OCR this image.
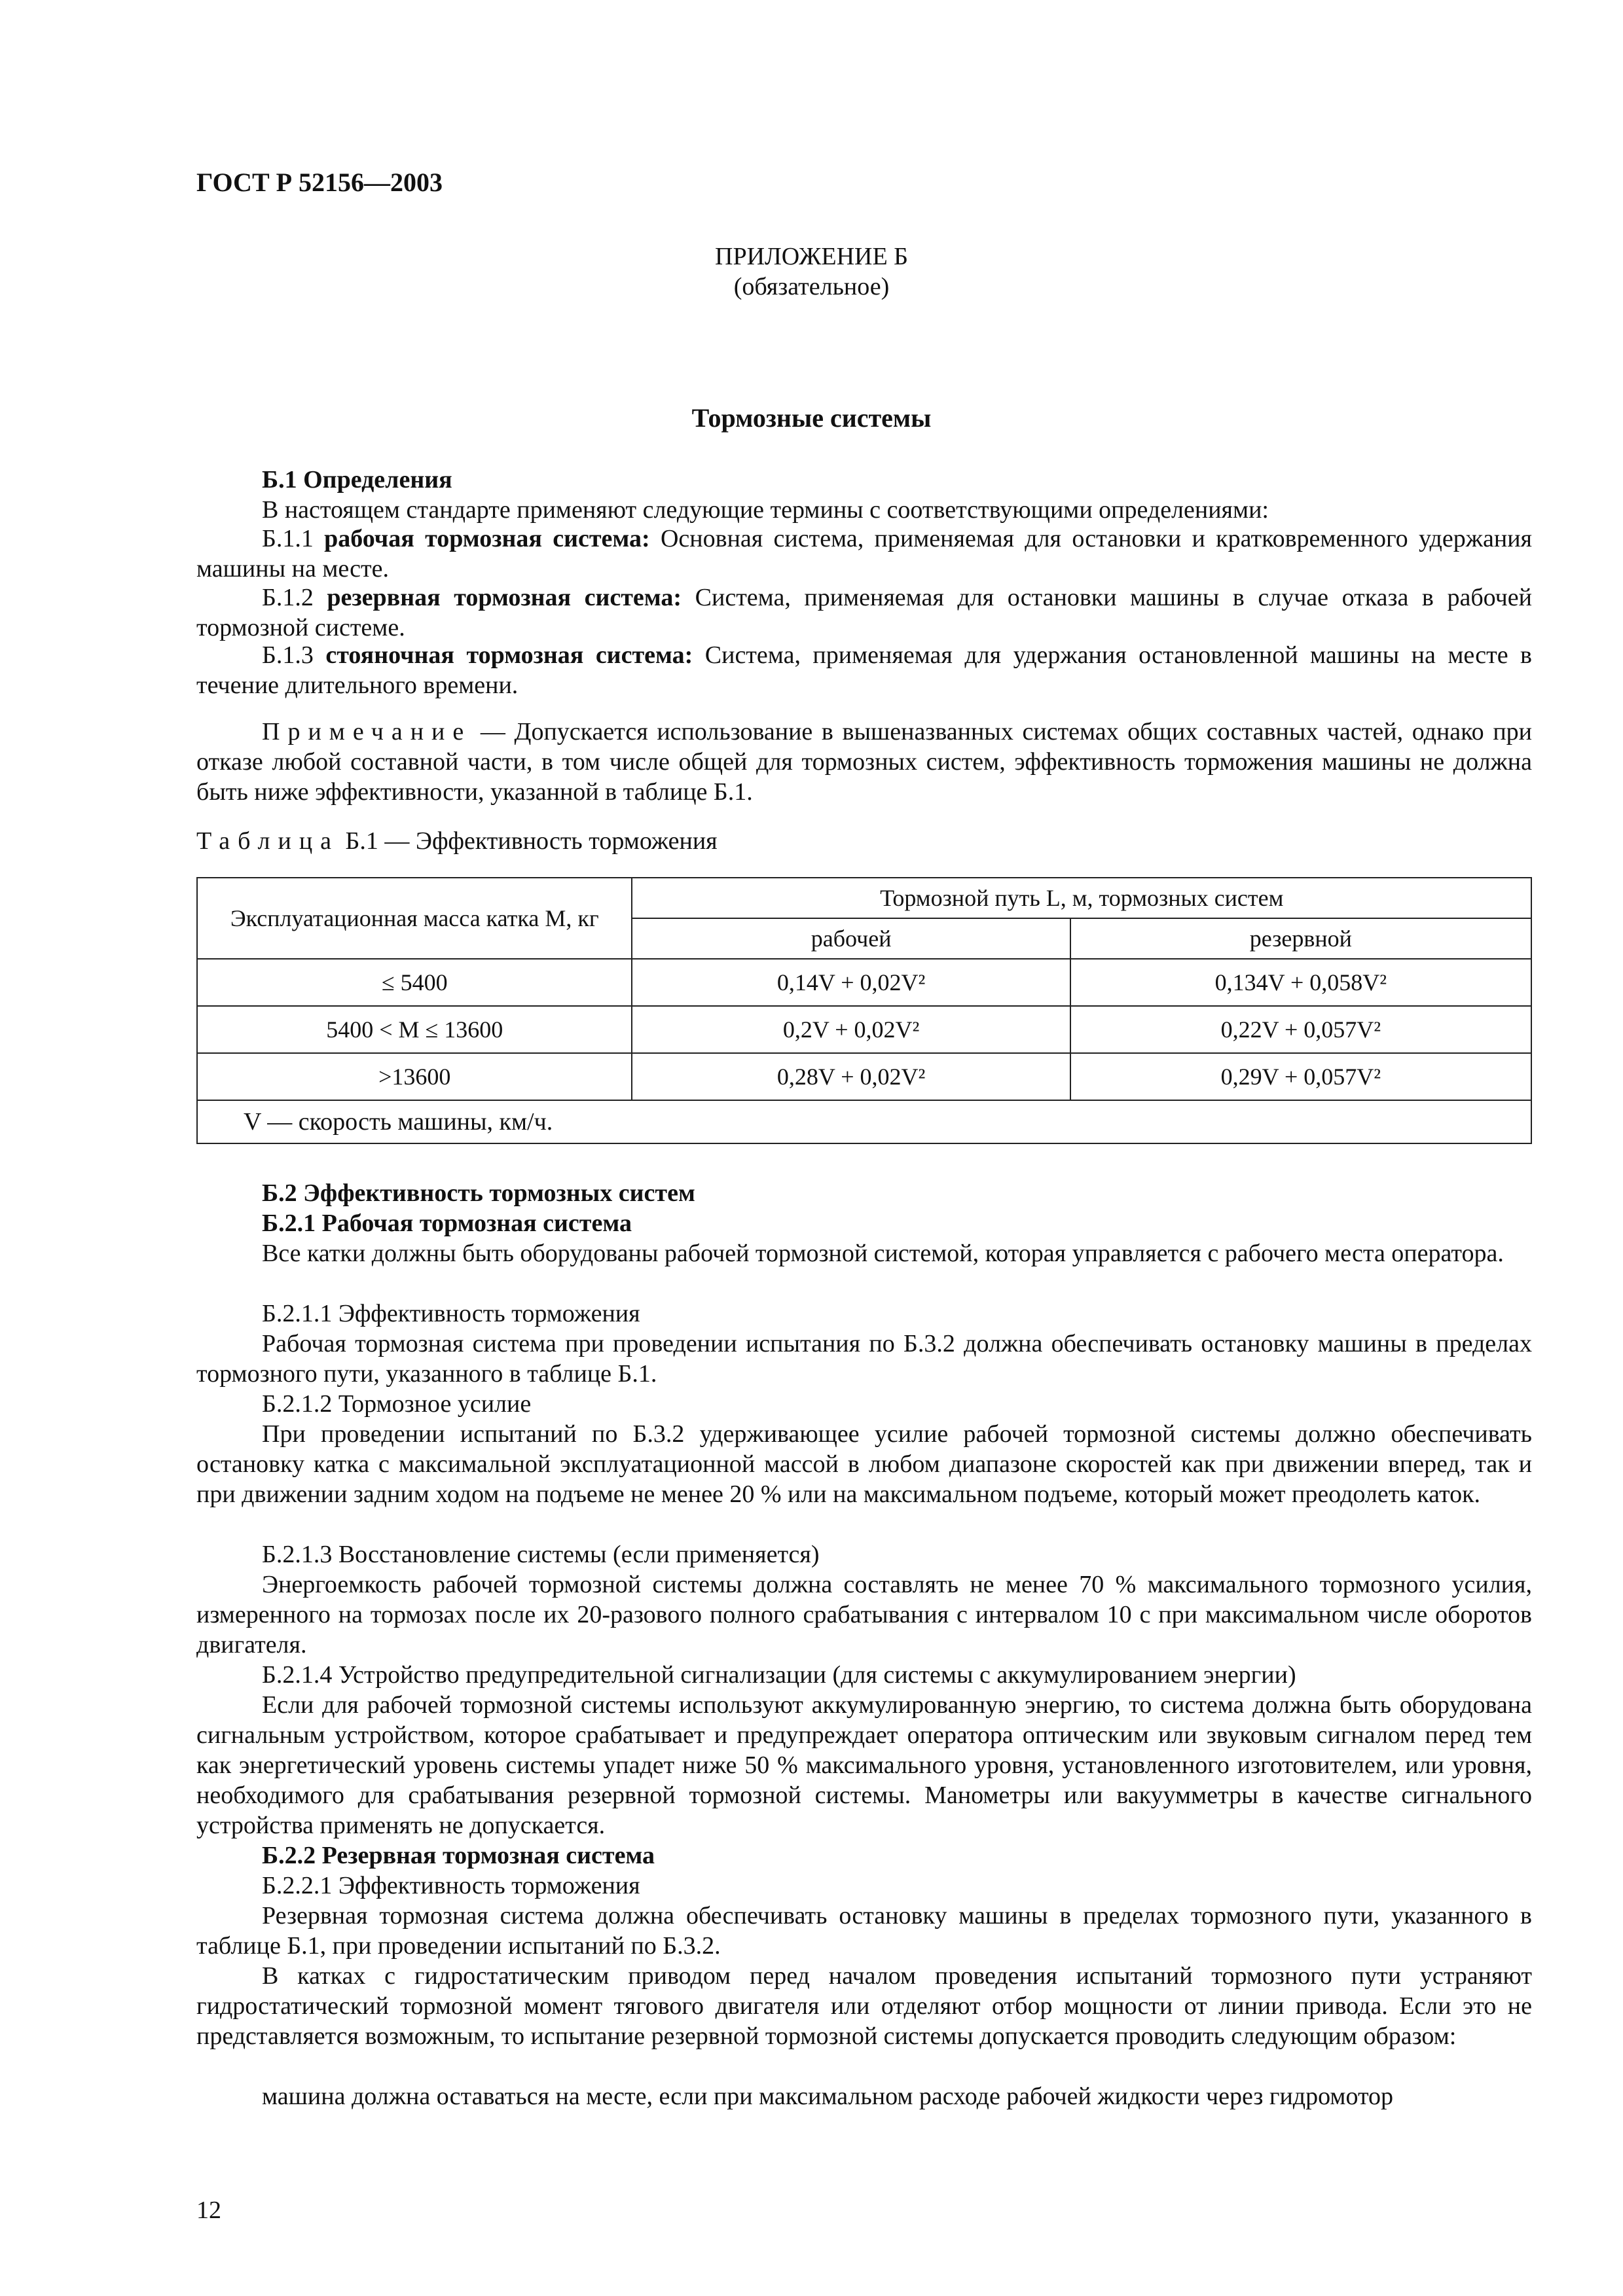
ГОСТ Р 52156—2003
ПРИЛОЖЕНИЕ Б
(обязательное)
Тормозные системы
Б.1 Определения
В настоящем стандарте применяют следующие термины с соответствующими определениями:
Б.1.1 рабочая тормозная система: Основная система, применяемая для остановки и кратковременного удержания машины на месте.
Б.1.2 резервная тормозная система: Система, применяемая для остановки машины в случае отказа в рабочей тормозной системе.
Б.1.3 стояночная тормозная система: Система, применяемая для удержания остановленной машины на месте в течение длительного времени.
Примечание — Допускается использование в вышеназванных системах общих составных частей, однако при отказе любой составной части, в том числе общей для тормозных систем, эффективность торможения машины не должна быть ниже эффективности, указанной в таблице Б.1.
Таблица Б.1 — Эффективность торможения
Эксплуатационная масса катка M, кг	Тормозной путь L, м, тормозных систем	
	рабочей	резервной
≤ 5400	0,14V + 0,02V²	0,134V + 0,058V²
5400 < M ≤ 13600	0,2V + 0,02V²	0,22V + 0,057V²
>13600	0,28V + 0,02V²	0,29V + 0,057V²
V — скорость машины, км/ч.		
Б.2 Эффективность тормозных систем
Б.2.1 Рабочая тормозная система
Все катки должны быть оборудованы рабочей тормозной системой, которая управляется с рабочего места оператора.
Б.2.1.1 Эффективность торможения
Рабочая тормозная система при проведении испытания по Б.3.2 должна обеспечивать остановку машины в пределах тормозного пути, указанного в таблице Б.1.
Б.2.1.2 Тормозное усилие
При проведении испытаний по Б.3.2 удерживающее усилие рабочей тормозной системы должно обеспечивать остановку катка с максимальной эксплуатационной массой в любом диапазоне скоростей как при движении вперед, так и при движении задним ходом на подъеме не менее 20 % или на максимальном подъеме, который может преодолеть каток.
Б.2.1.3 Восстановление системы (если применяется)
Энергоемкость рабочей тормозной системы должна составлять не менее 70 % максимального тормозного усилия, измеренного на тормозах после их 20-разового полного срабатывания с интервалом 10 с при максимальном числе оборотов двигателя.
Б.2.1.4 Устройство предупредительной сигнализации (для системы с аккумулированием энергии)
Если для рабочей тормозной системы используют аккумулированную энергию, то система должна быть оборудована сигнальным устройством, которое срабатывает и предупреждает оператора оптическим или звуковым сигналом перед тем как энергетический уровень системы упадет ниже 50 % максимального уровня, установленного изготовителем, или уровня, необходимого для срабатывания резервной тормозной системы. Манометры или вакуумметры в качестве сигнального устройства применять не допускается.
Б.2.2 Резервная тормозная система
Б.2.2.1 Эффективность торможения
Резервная тормозная система должна обеспечивать остановку машины в пределах тормозного пути, указанного в таблице Б.1, при проведении испытаний по Б.3.2.
В катках с гидростатическим приводом перед началом проведения испытаний тормозного пути устраняют гидростатический тормозной момент тягового двигателя или отделяют отбор мощности от линии привода. Если это не представляется возможным, то испытание резервной тормозной системы допускается проводить следующим образом:
машина должна оставаться на месте, если при максимальном расходе рабочей жидкости через гидромотор
12
